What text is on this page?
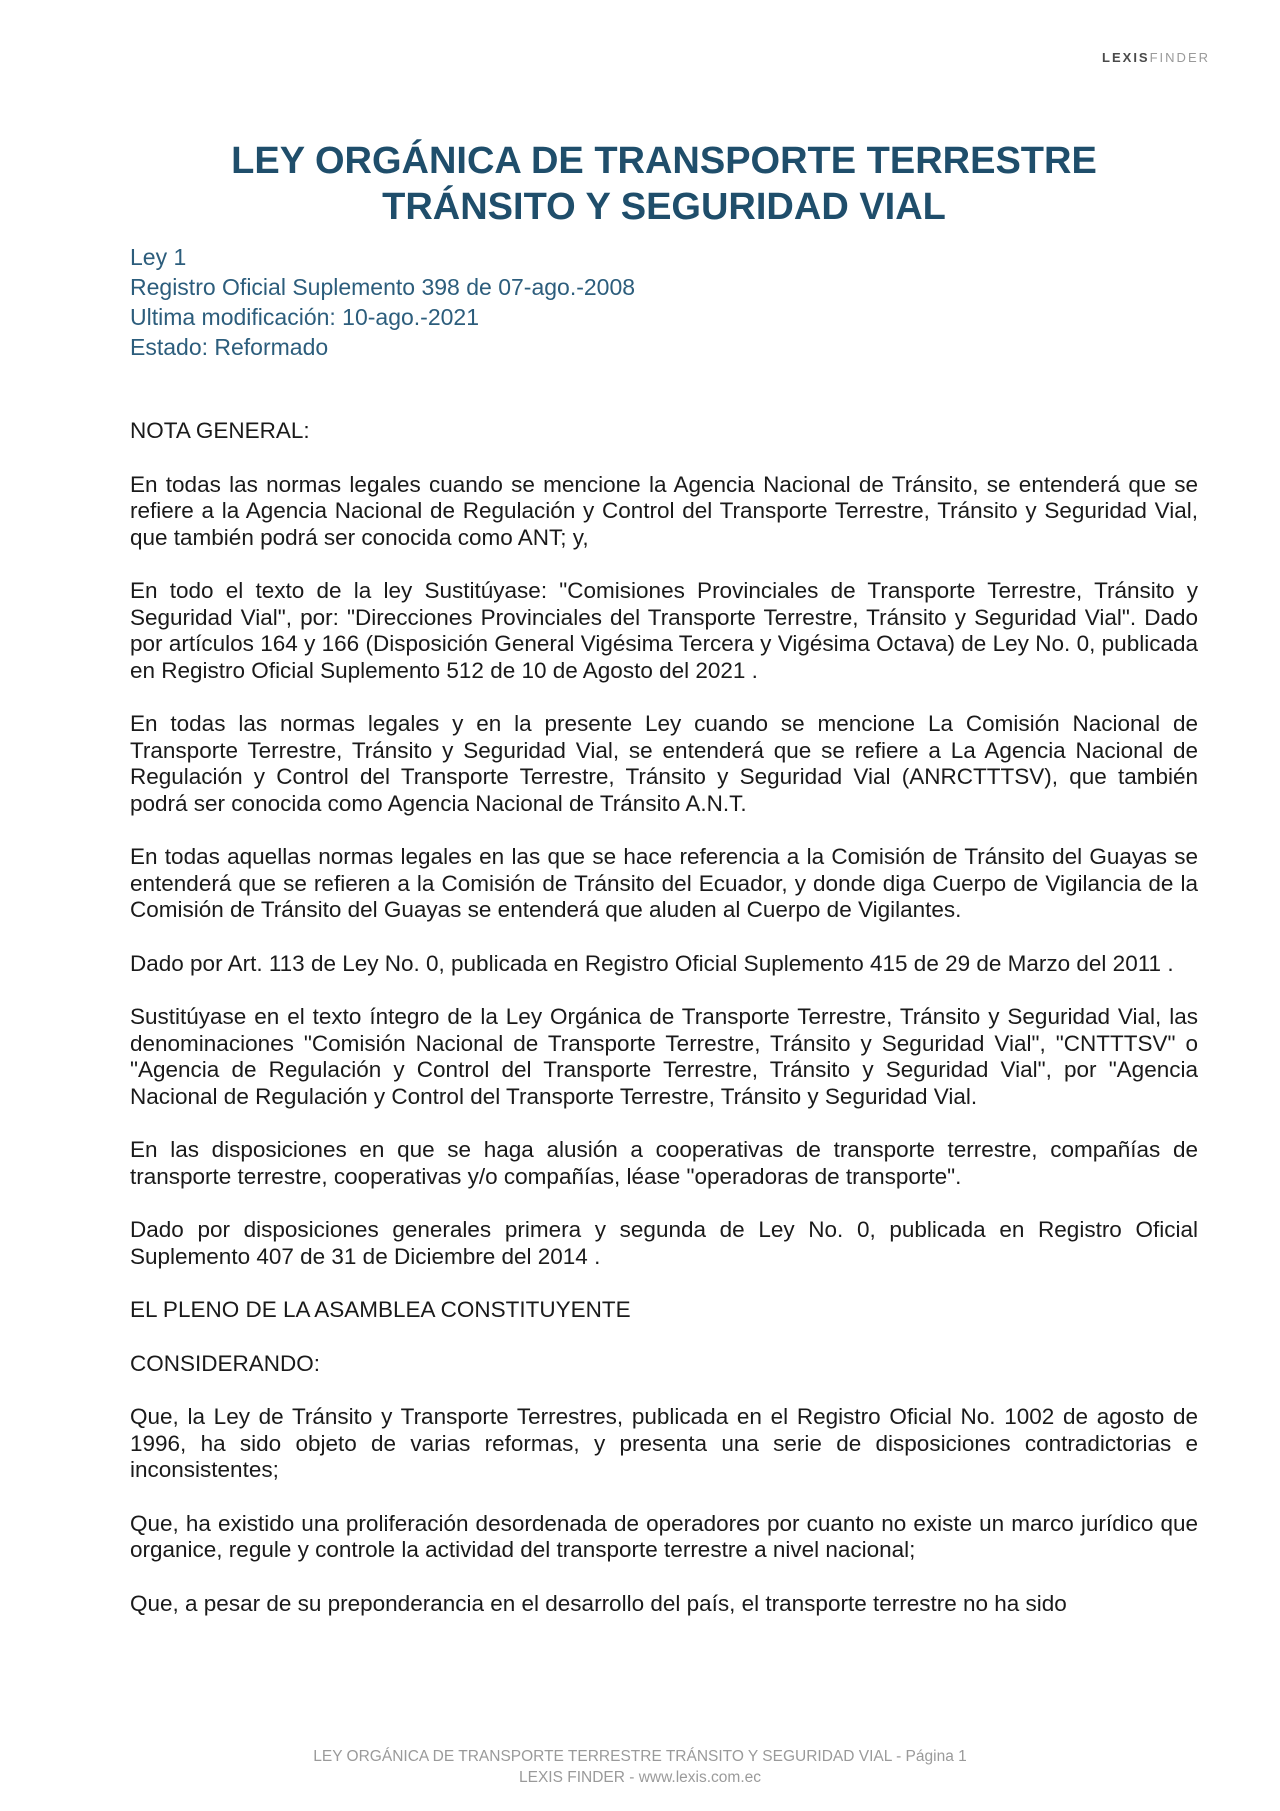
LEXISFINDER
LEY ORGÁNICA DE TRANSPORTE TERRESTRE
TRÁNSITO Y SEGURIDAD VIAL
Ley 1
Registro Oficial Suplemento 398 de 07-ago.-2008
Ultima modificación: 10-ago.-2021
Estado: Reformado

NOTA GENERAL:

En todas las normas legales cuando se mencione la Agencia Nacional de Tránsito, se entenderá que se refiere a la Agencia Nacional de Regulación y Control del Transporte Terrestre, Tránsito y Seguridad Vial, que también podrá ser conocida como ANT; y,

En todo el texto de la ley Sustitúyase: "Comisiones Provinciales de Transporte Terrestre, Tránsito y Seguridad Vial", por: "Direcciones Provinciales del Transporte Terrestre, Tránsito y Seguridad Vial". Dado por artículos 164 y 166 (Disposición General Vigésima Tercera y Vigésima Octava) de Ley No. 0, publicada en Registro Oficial Suplemento 512 de 10 de Agosto del 2021 .

En todas las normas legales y en la presente Ley cuando se mencione La Comisión Nacional de Transporte Terrestre, Tránsito y Seguridad Vial, se entenderá que se refiere a La Agencia Nacional de Regulación y Control del Transporte Terrestre, Tránsito y Seguridad Vial (ANRCTTTSV), que también podrá ser conocida como Agencia Nacional de Tránsito A.N.T.

En todas aquellas normas legales en las que se hace referencia a la Comisión de Tránsito del Guayas se entenderá que se refieren a la Comisión de Tránsito del Ecuador, y donde diga Cuerpo de Vigilancia de la Comisión de Tránsito del Guayas se entenderá que aluden al Cuerpo de Vigilantes.

Dado por Art. 113 de Ley No. 0, publicada en Registro Oficial Suplemento 415 de 29 de Marzo del 2011 .

Sustitúyase en el texto íntegro de la Ley Orgánica de Transporte Terrestre, Tránsito y Seguridad Vial, las denominaciones "Comisión Nacional de Transporte Terrestre, Tránsito y Seguridad Vial", "CNTTTSV" o "Agencia de Regulación y Control del Transporte Terrestre, Tránsito y Seguridad Vial", por "Agencia Nacional de Regulación y Control del Transporte Terrestre, Tránsito y Seguridad Vial.

En las disposiciones en que se haga alusión a cooperativas de transporte terrestre, compañías de transporte terrestre, cooperativas y/o compañías, léase "operadoras de transporte".

Dado por disposiciones generales primera y segunda de Ley No. 0, publicada en Registro Oficial Suplemento 407 de 31 de Diciembre del 2014 .

EL PLENO DE LA ASAMBLEA CONSTITUYENTE

CONSIDERANDO:

Que, la Ley de Tránsito y Transporte Terrestres, publicada en el Registro Oficial No. 1002 de agosto de 1996, ha sido objeto de varias reformas, y presenta una serie de disposiciones contradictorias e inconsistentes;

Que, ha existido una proliferación desordenada de operadores por cuanto no existe un marco jurídico que organice, regule y controle la actividad del transporte terrestre a nivel nacional;

Que, a pesar de su preponderancia en el desarrollo del país, el transporte terrestre no ha sido

LEY ORGÁNICA DE TRANSPORTE TERRESTRE TRÁNSITO Y SEGURIDAD VIAL - Página 1
LEXIS FINDER - www.lexis.com.ec
